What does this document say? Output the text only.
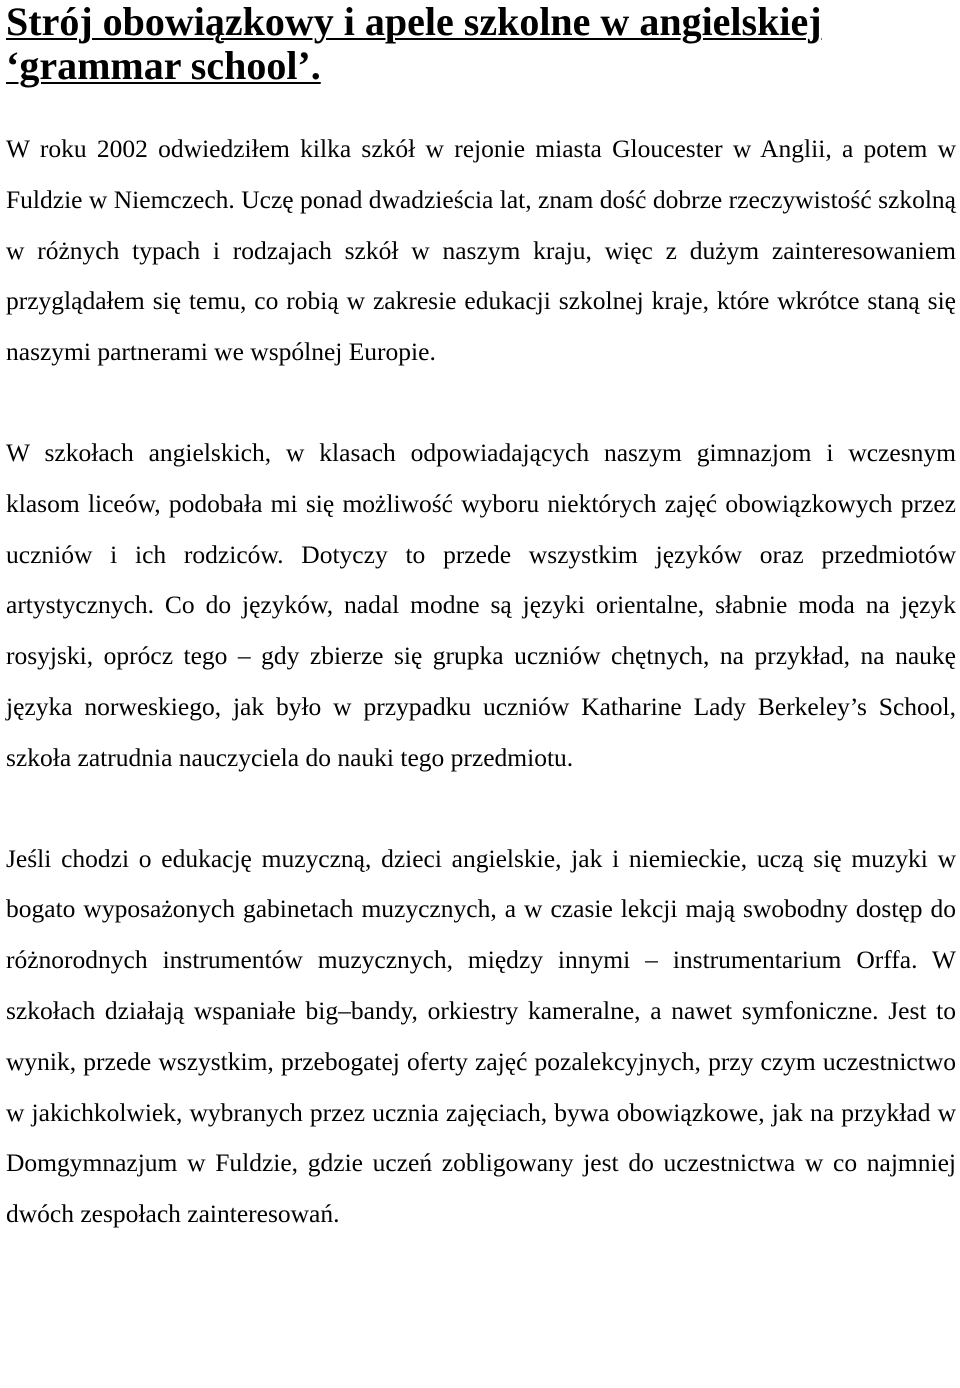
Strój obowiązkowy i apele szkolne w angielskiej
‘grammar school’.

W roku 2002 odwiedziłem kilka szkół w rejonie miasta Gloucester w Anglii, a potem w Fuldzie w Niemczech. Uczę ponad dwadzieścia lat, znam dość dobrze rzeczywistość szkolną w różnych typach i rodzajach szkół w naszym kraju, więc z dużym zainteresowaniem przyglądałem się temu, co robią w zakresie edukacji szkolnej kraje, które wkrótce staną się naszymi partnerami we wspólnej Europie.

W szkołach angielskich, w klasach odpowiadających naszym gimnazjom i wczesnym klasom liceów, podobała mi się możliwość wyboru niektórych zajęć obowiązkowych przez uczniów i ich rodziców. Dotyczy to przede wszystkim języków oraz przedmiotów artystycznych. Co do języków, nadal modne są języki orientalne, słabnie moda na język rosyjski, oprócz tego – gdy zbierze się grupka uczniów chętnych, na przykład, na naukę języka norweskiego, jak było w przypadku uczniów Katharine Lady Berkeley’s School, szkoła zatrudnia nauczyciela do nauki tego przedmiotu.

Jeśli chodzi o edukację muzyczną, dzieci angielskie, jak i niemieckie, uczą się muzyki w bogato wyposażonych gabinetach muzycznych, a w czasie lekcji mają swobodny dostęp do różnorodnych instrumentów muzycznych, między innymi – instrumentarium Orffa. W szkołach działają wspaniałe big–bandy, orkiestry kameralne, a nawet symfoniczne. Jest to wynik, przede wszystkim, przebogatej oferty zajęć pozalekcyjnych, przy czym uczestnictwo w jakichkolwiek, wybranych przez ucznia zajęciach, bywa obowiązkowe, jak na przykład w Domgymnazjum w Fuldzie, gdzie uczeń zobligowany jest do uczestnictwa w co najmniej dwóch zespołach zainteresowań.
